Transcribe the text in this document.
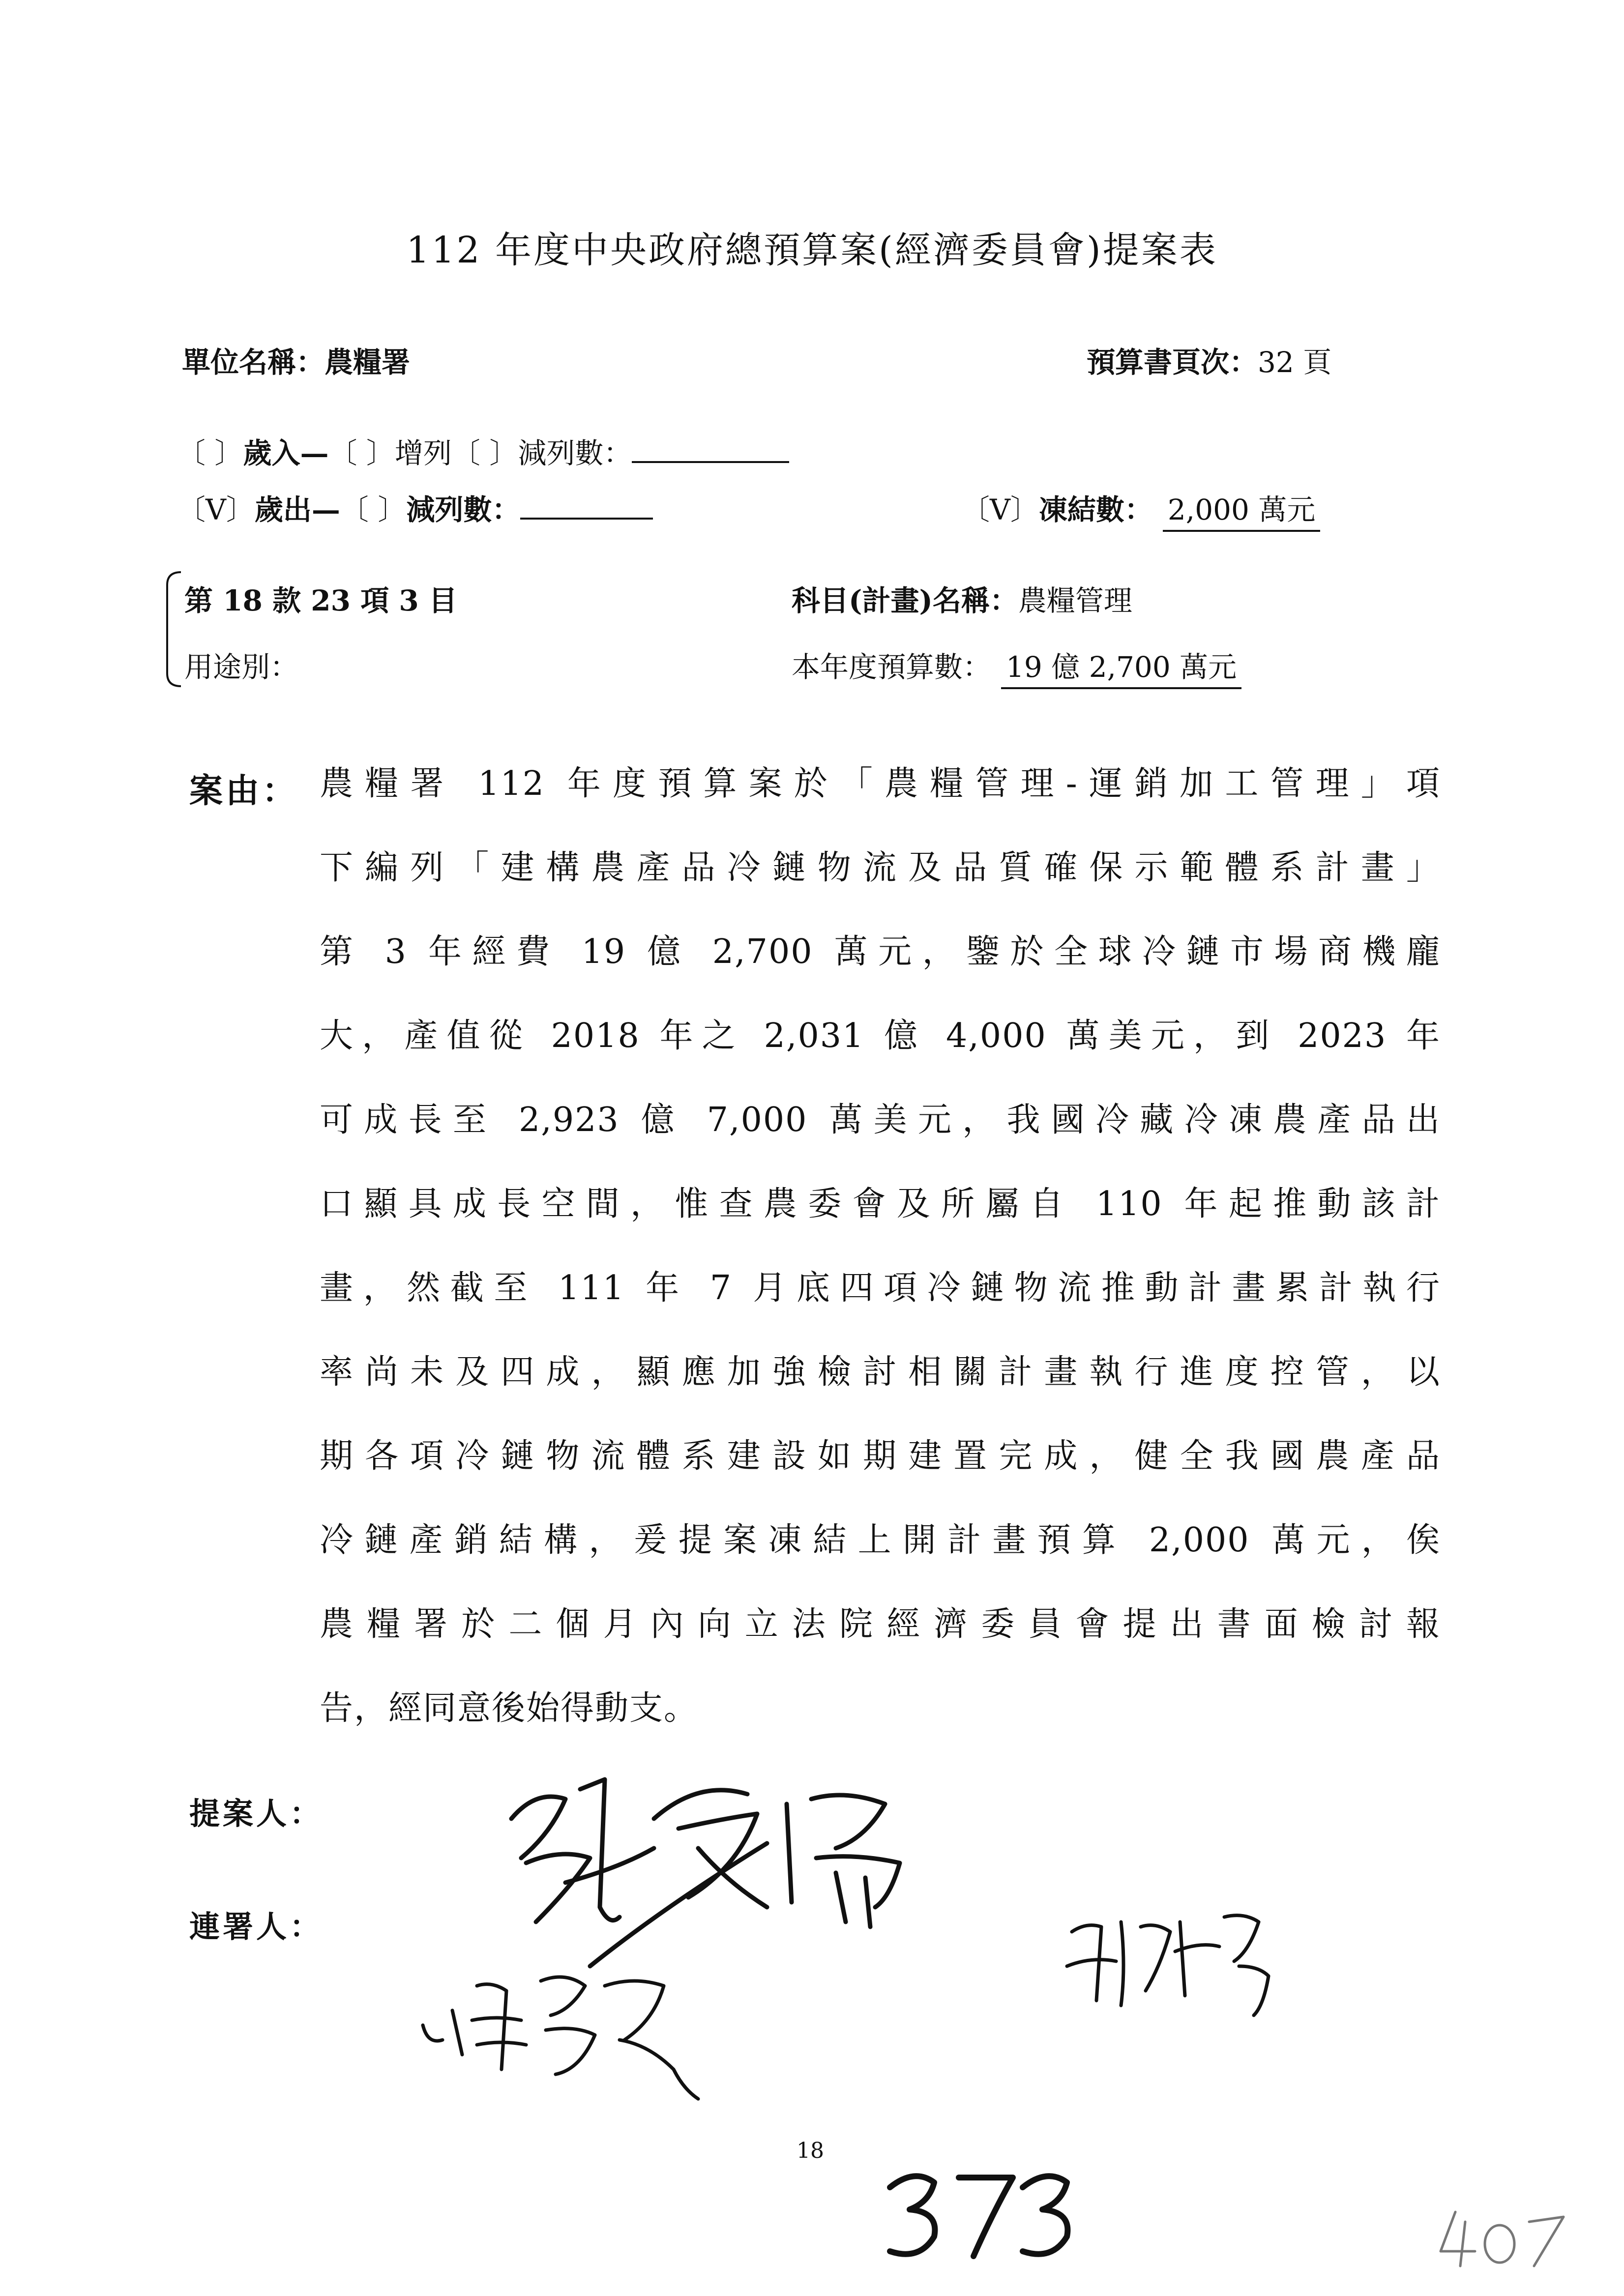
112 年度中央政府總預算案(經濟委員會)提案表
單位名稱： 農糧署	預算書頁次： 32 頁
〔 〕 歲入— 〔 〕 增列 〔 〕 減列數：
〔V〕 歲出— 〔 〕 減列數：	〔V〕 凍結數： 2,000 萬元
第 18 款 23 項 3 目
用途別：
科目(計畫)名稱： 農糧管理
本年度預算數： 19 億 2,700 萬元
案由： 農糧署 112 年度預算案於「農糧管理-運銷加工管理」項
下編列「建構農產品冷鏈物流及品質確保示範體系計畫」
第 3 年經費 19 億 2,700 萬元，鑒於全球冷鏈市場商機龐
大，產值從 2018 年之 2,031 億 4,000 萬美元，到 2023 年
可成長至 2,923 億 7,000 萬美元，我國冷藏冷凍農產品出
口顯具成長空間，惟查農委會及所屬自 110 年起推動該計
畫，然截至 111 年 7 月底四項冷鏈物流推動計畫累計執行
率尚未及四成，顯應加強檢討相關計畫執行進度控管，以
期各項冷鏈物流體系建設如期建置完成，健全我國農產品
冷鏈產銷結構，爰提案凍結上開計畫預算 2,000 萬元，俟
農糧署於二個月內向立法院經濟委員會提出書面檢討報
告，經同意後始得動支。
提案人：
連署人：
18
